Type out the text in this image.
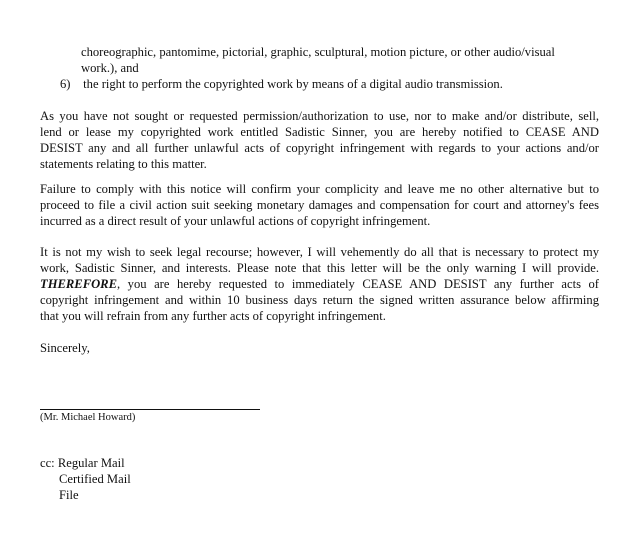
choreographic, pantomime, pictorial, graphic, sculptural, motion picture, or other audio/visual
work.), and
6) the right to perform the copyrighted work by means of a digital audio transmission.
As you have not sought or requested permission/authorization to use, nor to make and/or distribute, sell,
lend or lease my copyrighted work entitled Sadistic Sinner, you are hereby notified to CEASE AND
DESIST any and all further unlawful acts of copyright infringement with regards to your actions and/or
statements relating to this matter.
Failure to comply with this notice will confirm your complicity and leave me no other alternative but to
proceed to file a civil action suit seeking monetary damages and compensation for court and attorney's fees
incurred as a direct result of your unlawful actions of copyright infringement.
It is not my wish to seek legal recourse; however, I will vehemently do all that is necessary to protect my
work, Sadistic Sinner, and interests. Please note that this letter will be the only warning I will provide.
THEREFORE, you are hereby requested to immediately CEASE AND DESIST any further acts of
copyright infringement and within 10 business days return the signed written assurance below affirming
that you will refrain from any further acts of copyright infringement.
Sincerely,
(Mr. Michael Howard)
cc: Regular Mail
Certified Mail
File
